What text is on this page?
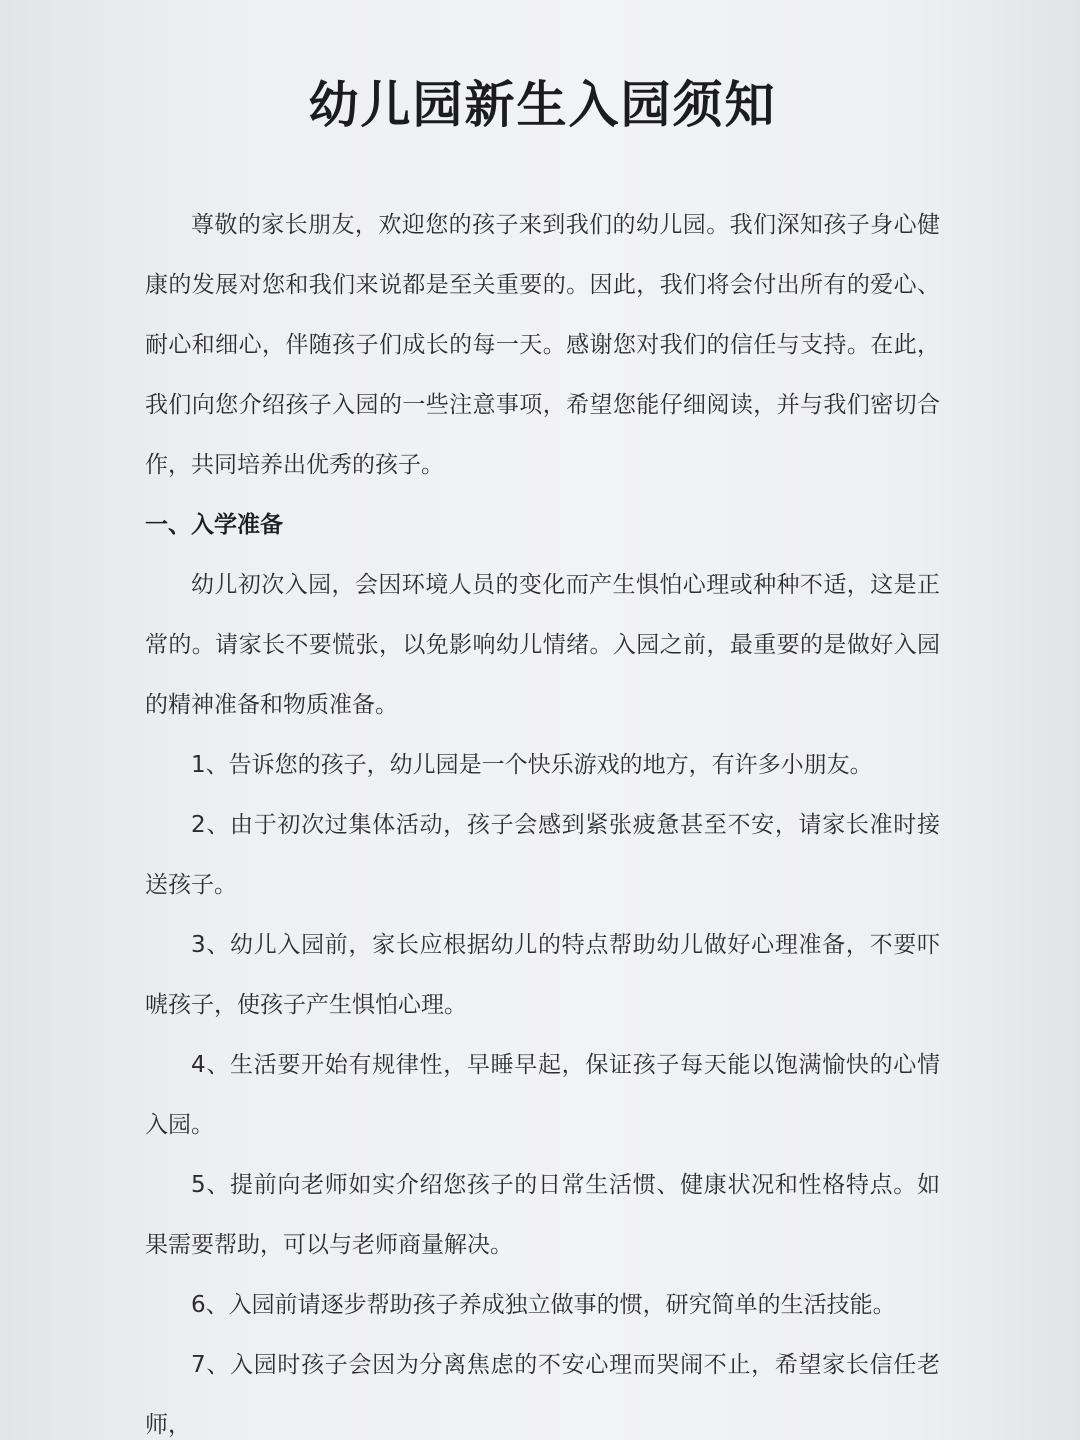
幼儿园新生入园须知

尊敬的家长朋友，欢迎您的孩子来到我们的幼儿园。我们深知孩子身心健康的发展对您和我们来说都是至关重要的。因此，我们将会付出所有的爱心、耐心和细心，伴随孩子们成长的每一天。感谢您对我们的信任与支持。在此，我们向您介绍孩子入园的一些注意事项，希望您能仔细阅读，并与我们密切合作，共同培养出优秀的孩子。

一、入学准备

幼儿初次入园，会因环境人员的变化而产生惧怕心理或种种不适，这是正常的。请家长不要慌张，以免影响幼儿情绪。入园之前，最重要的是做好入园的精神准备和物质准备。

1、告诉您的孩子，幼儿园是一个快乐游戏的地方，有许多小朋友。

2、由于初次过集体活动，孩子会感到紧张疲惫甚至不安，请家长准时接送孩子。

3、幼儿入园前，家长应根据幼儿的特点帮助幼儿做好心理准备，不要吓唬孩子，使孩子产生惧怕心理。

4、生活要开始有规律性，早睡早起，保证孩子每天能以饱满愉快的心情入园。

5、提前向老师如实介绍您孩子的日常生活惯、健康状况和性格特点。如果需要帮助，可以与老师商量解决。

6、入园前请逐步帮助孩子养成独立做事的惯，研究简单的生活技能。

7、入园时孩子会因为分离焦虑的不安心理而哭闹不止，希望家长信任老师，
